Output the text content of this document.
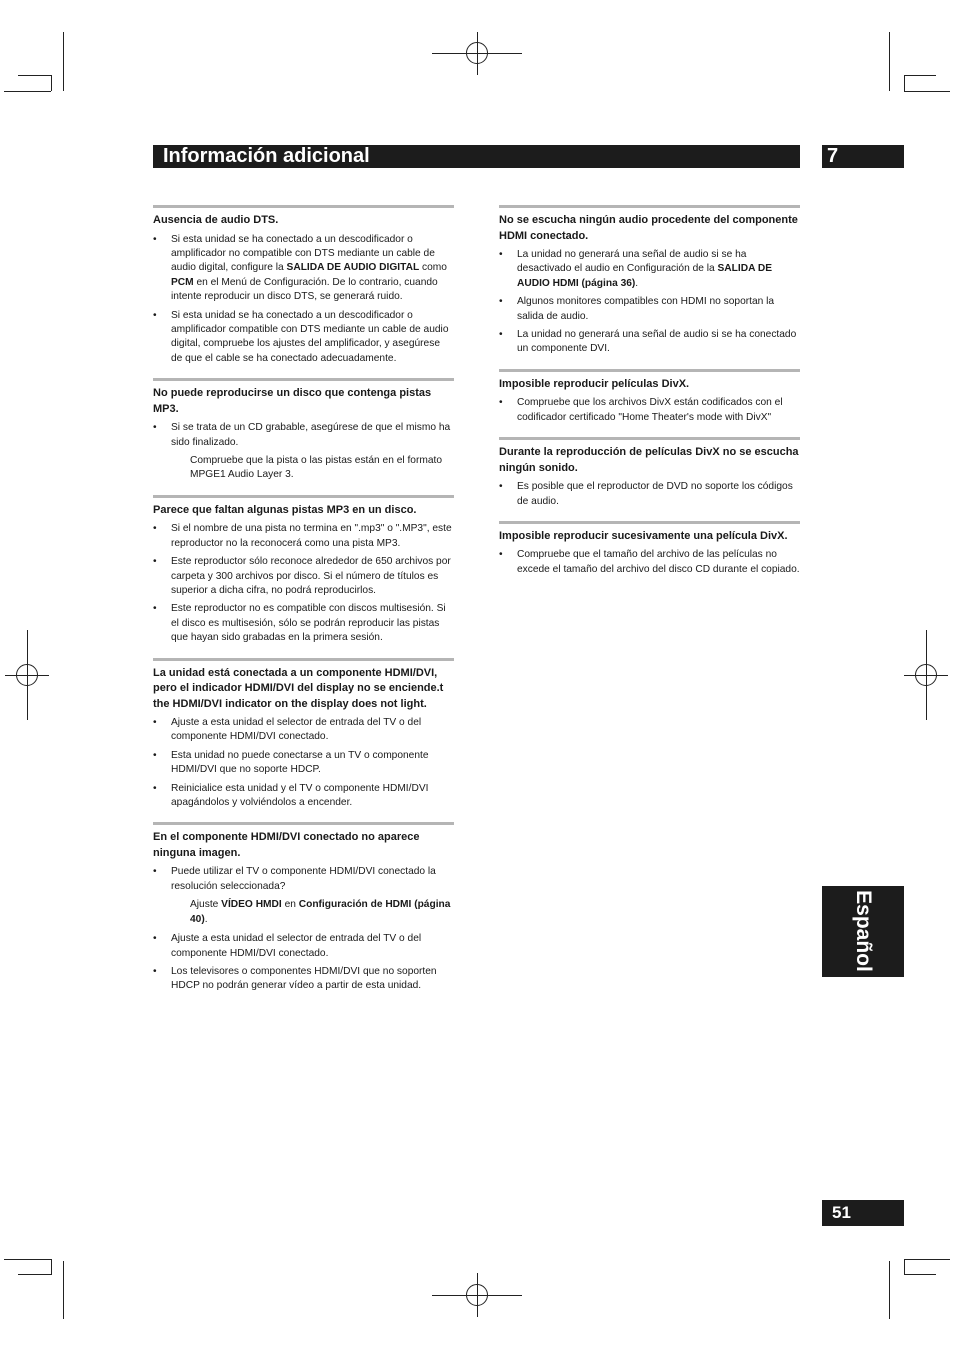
Información adicional	7
Español
51

Ausencia de audio DTS.

• Si esta unidad se ha conectado a un descodificador o amplificador no compatible con DTS mediante un cable de audio digital, configure la SALIDA DE AUDIO DIGITAL como PCM en el Menú de Configuración. De lo contrario, cuando intente reproducir un disco DTS, se generará ruido.
• Si esta unidad se ha conectado a un descodificador o amplificador compatible con DTS mediante un cable de audio digital, compruebe los ajustes del amplificador, y asegúrese de que el cable se ha conectado adecuadamente.

No puede reproducirse un disco que contenga pistas MP3.

• Si se trata de un CD grabable, asegúrese de que el mismo ha sido finalizado.

Compruebe que la pista o las pistas están en el formato MPGE1 Audio Layer 3.

Parece que faltan algunas pistas MP3 en un disco.

• Si el nombre de una pista no termina en ".mp3" o ".MP3", este reproductor no la reconocerá como una pista MP3.
• Este reproductor sólo reconoce alrededor de 650 archivos por carpeta y 300 archivos por disco. Si el número de títulos es superior a dicha cifra, no podrá reproducirlos.
• Este reproductor no es compatible con discos multisesión. Si el disco es multisesión, sólo se podrán reproducir las pistas que hayan sido grabadas en la primera sesión.

La unidad está conectada a un componente HDMI/DVI, pero el indicador HDMI/DVI del display no se enciende.t the HDMI/DVI indicator on the display does not light.

• Ajuste a esta unidad el selector de entrada del TV o del componente HDMI/DVI conectado.
• Esta unidad no puede conectarse a un TV o componente HDMI/DVI que no soporte HDCP.
• Reinicialice esta unidad y el TV o componente HDMI/DVI apagándolos y volviéndolos a encender.

En el componente HDMI/DVI conectado no aparece ninguna imagen.

• Puede utilizar el TV o componente HDMI/DVI conectado la resolución seleccionada?

Ajuste VÍDEO HMDI en Configuración de HDMI (página 40).

• Ajuste a esta unidad el selector de entrada del TV o del componente HDMI/DVI conectado.
• Los televisores o componentes HDMI/DVI que no soporten HDCP no podrán generar vídeo a partir de esta unidad.

No se escucha ningún audio procedente del componente HDMI conectado.

• La unidad no generará una señal de audio si se ha desactivado el audio en Configuración de la SALIDA DE AUDIO HDMI (página 36).
• Algunos monitores compatibles con HDMI no soportan la salida de audio.
• La unidad no generará una señal de audio si se ha conectado un componente DVI.

Imposible reproducir películas DivX.

• Compruebe que los archivos DivX están codificados con el codificador certificado "Home Theater's mode with DivX"

Durante la reproducción de películas DivX no se escucha ningún sonido.

• Es posible que el reproductor de DVD no soporte los códigos de audio.

Imposible reproducir sucesivamente una película DivX.

• Compruebe que el tamaño del archivo de las películas no excede el tamaño del archivo del disco CD durante el copiado.
